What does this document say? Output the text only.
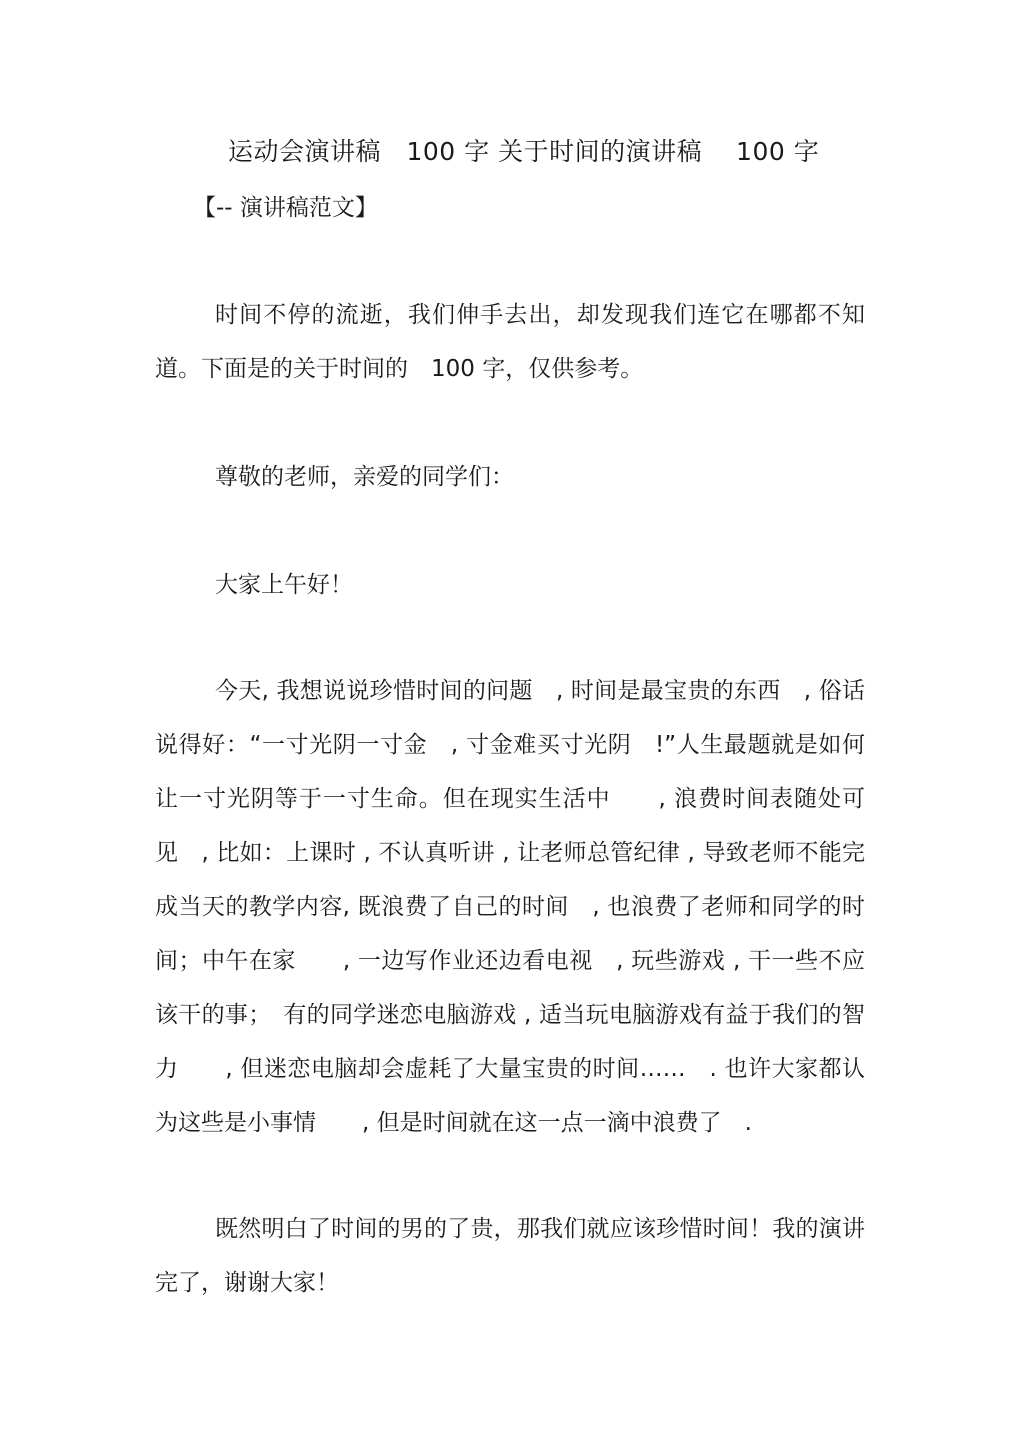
运动会演讲稿　100 字 关于时间的演讲稿　 100 字
【-- 演讲稿范文】

时间不停的流逝，我们伸手去出，却发现我们连它在哪都不知道。下面是的关于时间的　100 字，仅供参考。

尊敬的老师，亲爱的同学们：

大家上午好！

今天, 我想说说珍惜时间的问题　, 时间是最宝贵的东西　, 俗话说得好：“一寸光阴一寸金　, 寸金难买寸光阴　!”人生最题就是如何让一寸光阴等于一寸生命。但在现实生活中　　, 浪费时间表随处可见　, 比如：上课时 , 不认真听讲 , 让老师总管纪律 , 导致老师不能完成当天的教学内容, 既浪费了自己的时间　, 也浪费了老师和同学的时间；中午在家　　, 一边写作业还边看电视　, 玩些游戏 , 干一些不应该干的事；　有的同学迷恋电脑游戏 , 适当玩电脑游戏有益于我们的智力　　, 但迷恋电脑却会虚耗了大量宝贵的时间……　. 也许大家都认为这些是小事情　　, 但是时间就在这一点一滴中浪费了　.

既然明白了时间的男的了贵，那我们就应该珍惜时间！我的演讲完了，谢谢大家！
